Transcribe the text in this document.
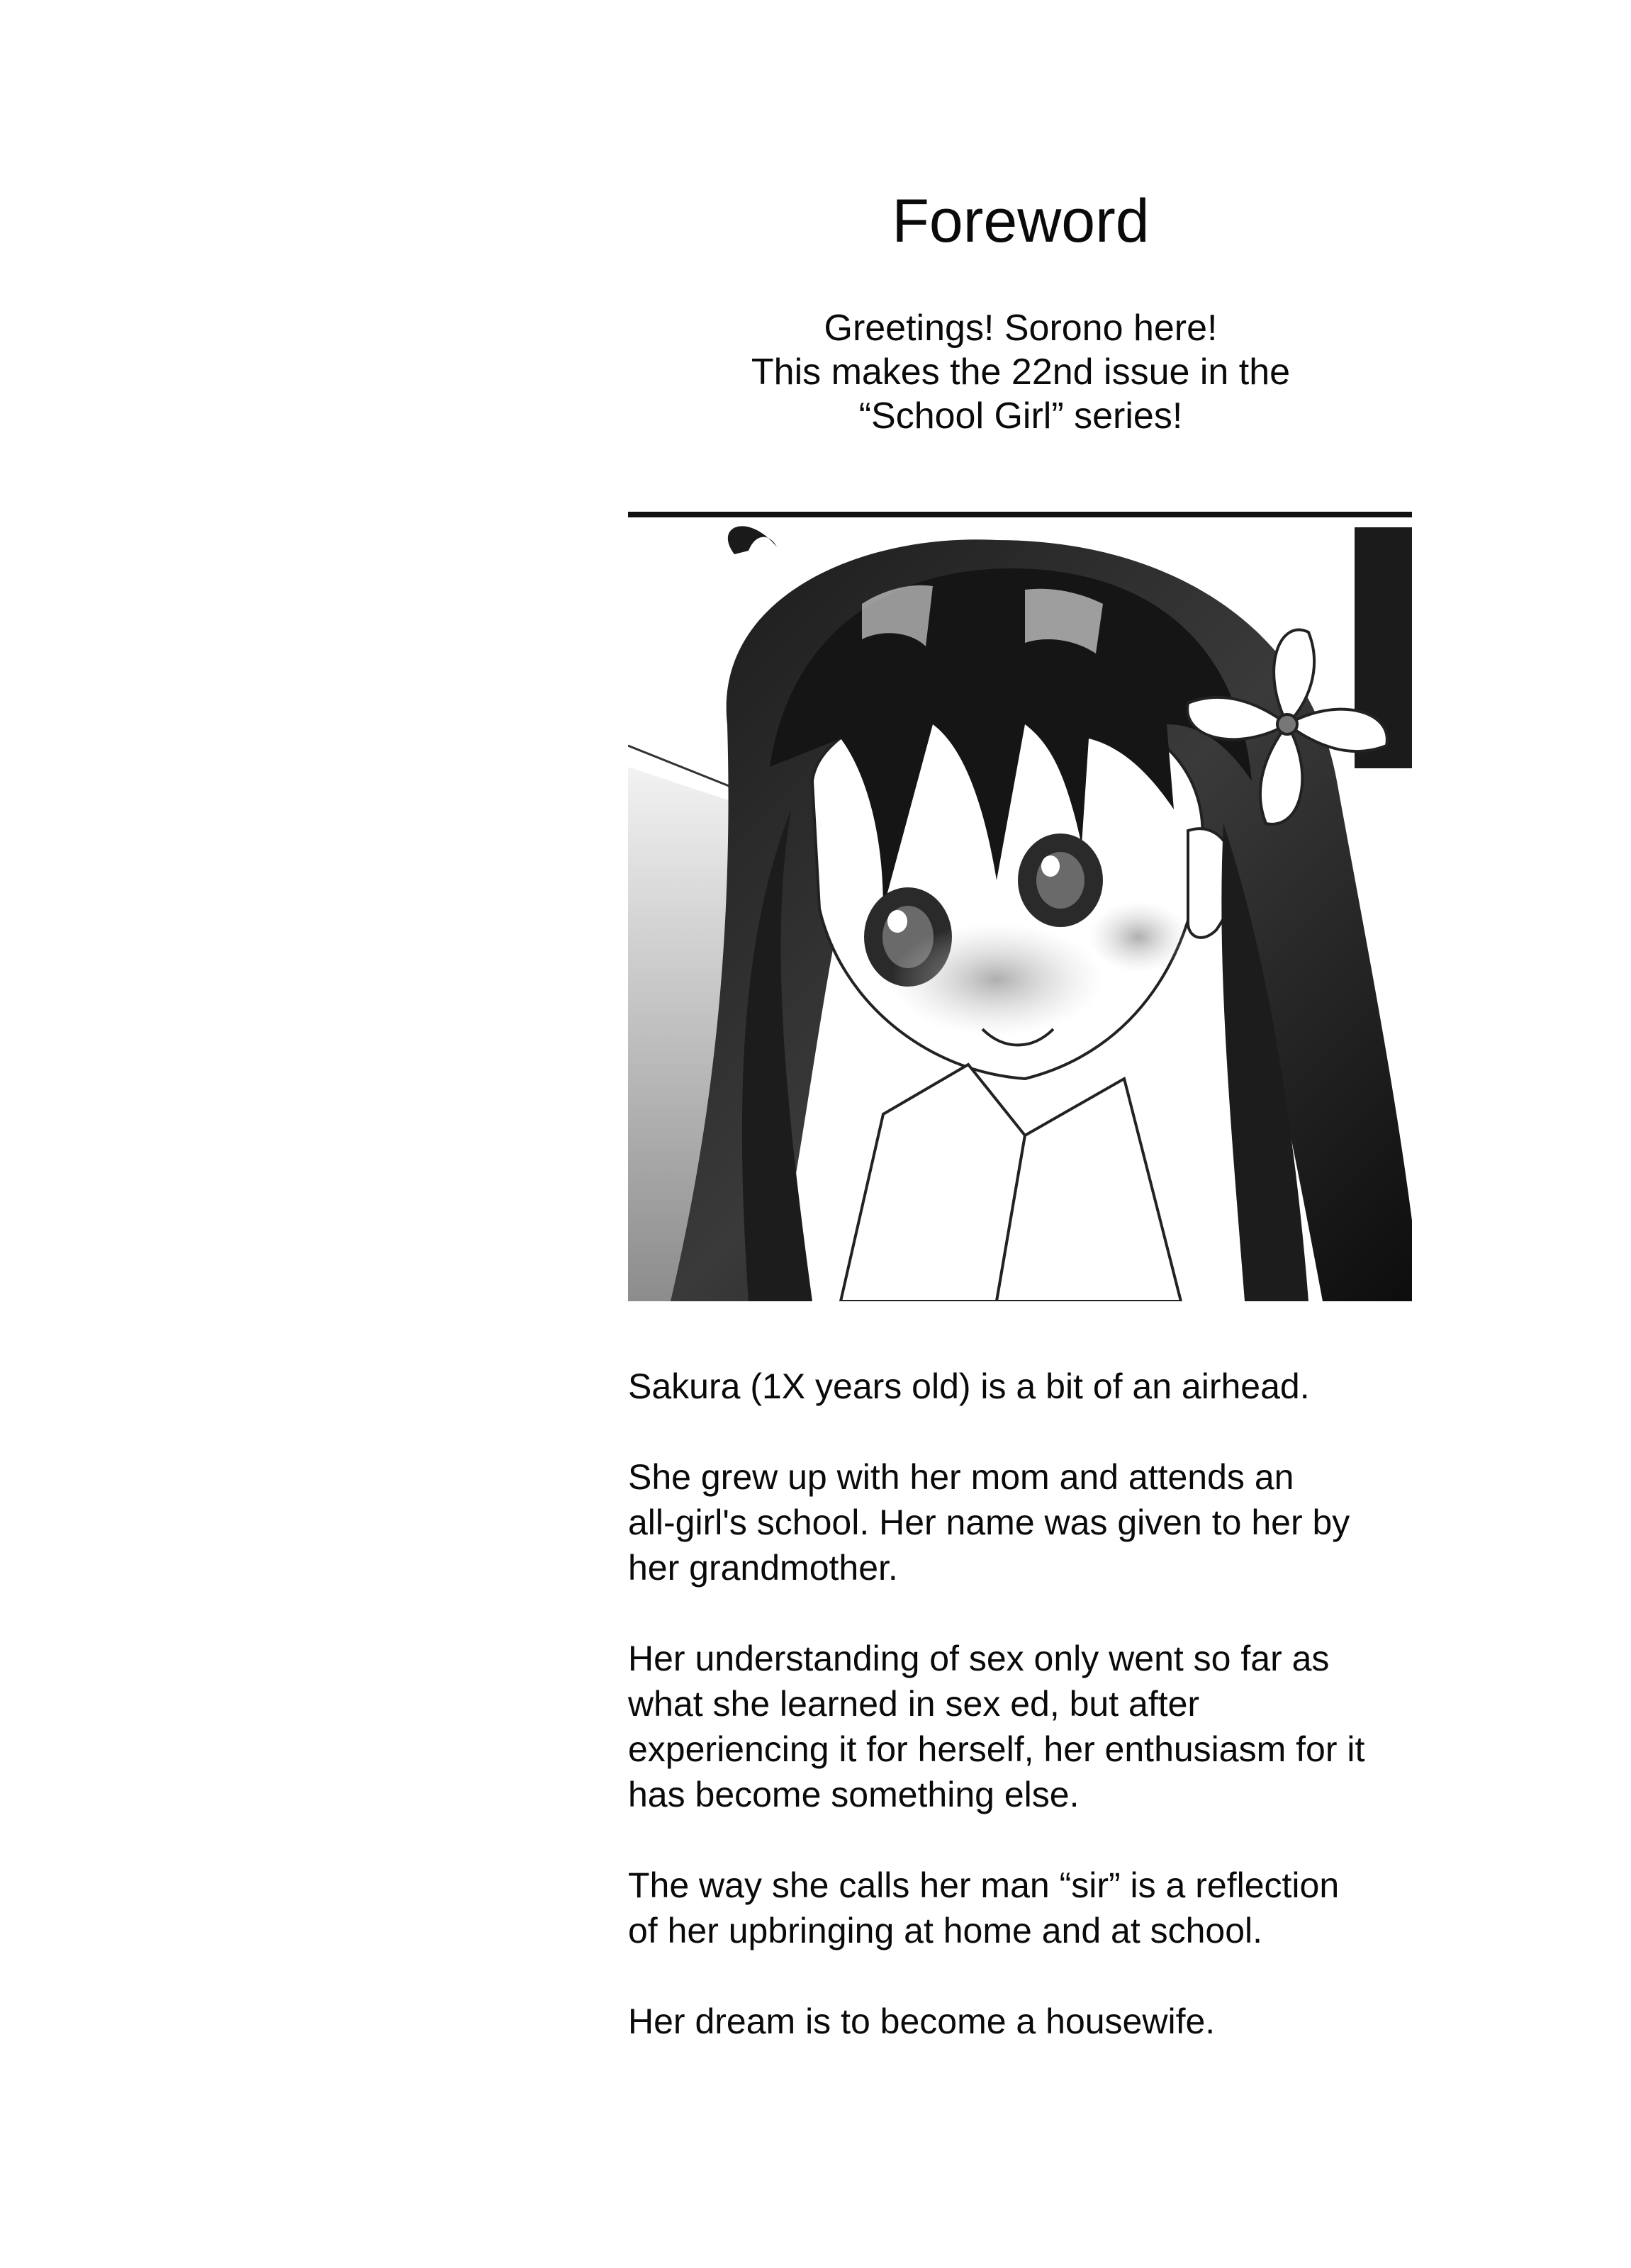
Foreword
Greetings! Sorono here!
This makes the 22nd issue in the
“School Girl” series!

Sakura (1X years old) is a bit of an airhead.

She grew up with her mom and attends an
all-girl's school. Her name was given to her by
her grandmother.

Her understanding of sex only went so far as
what she learned in sex ed, but after
experiencing it for herself, her enthusiasm for it
has become something else.

The way she calls her man “sir” is a reflection
of her upbringing at home and at school.

Her dream is to become a housewife.
